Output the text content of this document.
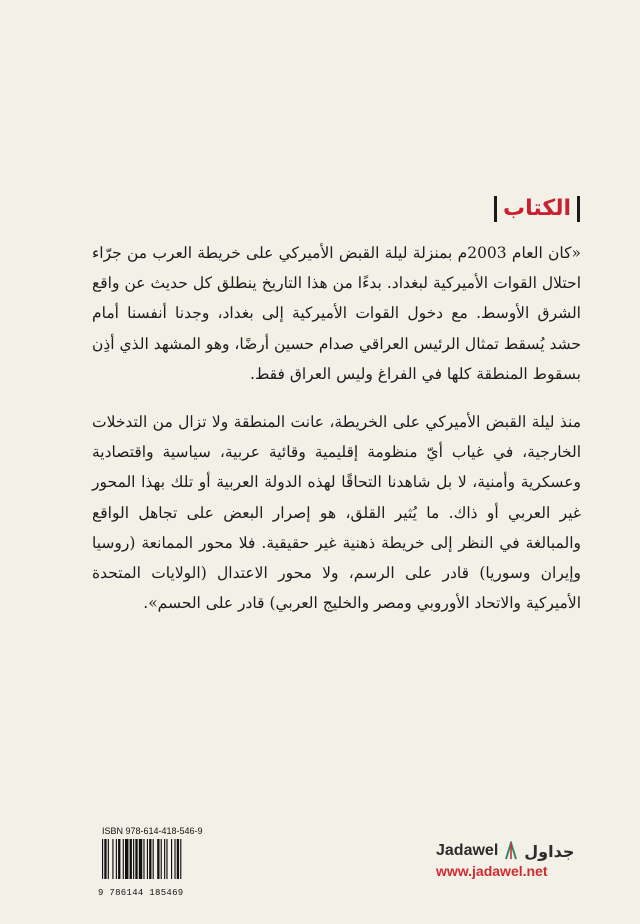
الكتاب

«كان العام 2003م بمنزلة ليلة القبض الأميركي على خريطة العرب من جرّاء احتلال القوات الأميركية لبغداد. بدءًا من هذا التاريخ ينطلق كل حديث عن واقع الشرق الأوسط. مع دخول القوات الأميركية إلى بغداد، وجدنا أنفسنا أمام حشد يُسقط تمثال الرئيس العراقي صدام حسين أرضًا، وهو المشهد الذي أذِن بسقوط المنطقة كلها في الفراغ وليس العراق فقط.

منذ ليلة القبض الأميركي على الخريطة، عانت المنطقة ولا تزال من التدخلات الخارجية، في غياب أيّ منظومة إقليمية وقائية عربية، سياسية واقتصادية وعسكرية وأمنية، لا بل شاهدنا التحاقًا لهذه الدولة العربية أو تلك بهذا المحور غير العربي أو ذاك. ما يُثير القلق، هو إصرار البعض على تجاهل الواقع والمبالغة في النظر إلى خريطة ذهنية غير حقيقية. فلا محور الممانعة (روسيا وإيران وسوريا) قادر على الرسم، ولا محور الاعتدال (الولايات المتحدة الأميركية والاتحاد الأوروبي ومصر والخليج العربي) قادر على الحسم».

ISBN 978-614-418-546-9
9 786144 185469
Jadawel جداول
www.jadawel.net
